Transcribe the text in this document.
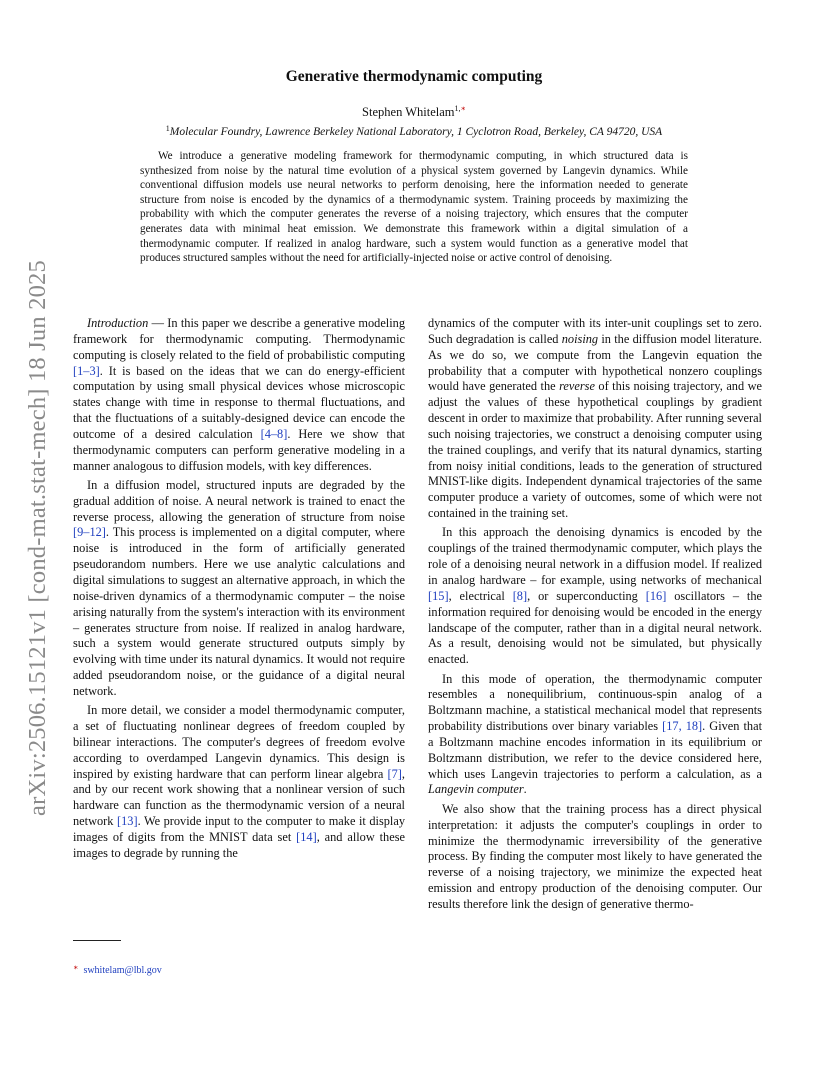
arXiv:2506.15121v1 [cond-mat.stat-mech] 18 Jun 2025
Generative thermodynamic computing
Stephen Whitelam$^{1,∗}$
$^1$Molecular Foundry, Lawrence Berkeley National Laboratory, 1 Cyclotron Road, Berkeley, CA 94720, USA

We introduce a generative modeling framework for thermodynamic computing, in which structured data is synthesized from noise by the natural time evolution of a physical system governed by Langevin dynamics. While conventional diffusion models use neural networks to perform denoising, here the information needed to generate structure from noise is encoded by the dynamics of a thermodynamic system. Training proceeds by maximizing the probability with which the computer generates the reverse of a noising trajectory, which ensures that the computer generates data with minimal heat emission. We demonstrate this framework within a digital simulation of a thermodynamic computer. If realized in analog hardware, such a system would function as a generative model that produces structured samples without the need for artificially-injected noise or active control of denoising.

Introduction — In this paper we describe a generative modeling framework for thermodynamic computing. Thermodynamic computing is closely related to the field of probabilistic computing [1–3]. It is based on the ideas that we can do energy-efficient computation by using small physical devices whose microscopic states change with time in response to thermal fluctuations, and that the fluctuations of a suitably-designed device can encode the outcome of a desired calculation [4–8]. Here we show that thermodynamic computers can perform generative modeling in a manner analogous to diffusion models, with key differences.

In a diffusion model, structured inputs are degraded by the gradual addition of noise. A neural network is trained to enact the reverse process, allowing the generation of structure from noise [9–12]. This process is implemented on a digital computer, where noise is introduced in the form of artificially generated pseudorandom numbers. Here we use analytic calculations and digital simulations to suggest an alternative approach, in which the noise-driven dynamics of a thermodynamic computer – the noise arising naturally from the system's interaction with its environment – generates structure from noise. If realized in analog hardware, such a system would generate structured outputs simply by evolving with time under its natural dynamics. It would not require added pseudorandom noise, or the guidance of a digital neural network.

In more detail, we consider a model thermodynamic computer, a set of fluctuating nonlinear degrees of freedom coupled by bilinear interactions. The computer's degrees of freedom evolve according to overdamped Langevin dynamics. This design is inspired by existing hardware that can perform linear algebra [7], and by our recent work showing that a nonlinear version of such hardware can function as the thermodynamic version of a neural network [13]. We provide input to the computer to make it display images of digits from the MNIST data set [14], and allow these images to degrade by running the

dynamics of the computer with its inter-unit couplings set to zero. Such degradation is called noising in the diffusion model literature. As we do so, we compute from the Langevin equation the probability that a computer with hypothetical nonzero couplings would have generated the reverse of this noising trajectory, and we adjust the values of these hypothetical couplings by gradient descent in order to maximize that probability. After running several such noising trajectories, we construct a denoising computer using the trained couplings, and verify that its natural dynamics, starting from noisy initial conditions, leads to the generation of structured MNIST-like digits. Independent dynamical trajectories of the same computer produce a variety of outcomes, some of which were not contained in the training set.

In this approach the denoising dynamics is encoded by the couplings of the trained thermodynamic computer, which plays the role of a denoising neural network in a diffusion model. If realized in analog hardware – for example, using networks of mechanical [15], electrical [8], or superconducting [16] oscillators – the information required for denoising would be encoded in the energy landscape of the computer, rather than in a digital neural network. As a result, denoising would not be simulated, but physically enacted.

In this mode of operation, the thermodynamic computer resembles a nonequilibrium, continuous-spin analog of a Boltzmann machine, a statistical mechanical model that represents probability distributions over binary variables [17, 18]. Given that a Boltzmann machine encodes information in its equilibrium or Boltzmann distribution, we refer to the device considered here, which uses Langevin trajectories to perform a calculation, as a Langevin computer.

We also show that the training process has a direct physical interpretation: it adjusts the computer's couplings in order to minimize the thermodynamic irreversibility of the generative process. By finding the computer most likely to have generated the reverse of a noising trajectory, we minimize the expected heat emission and entropy production of the denoising computer. Our results therefore link the design of generative thermo-

∗ swhitelam@lbl.gov
